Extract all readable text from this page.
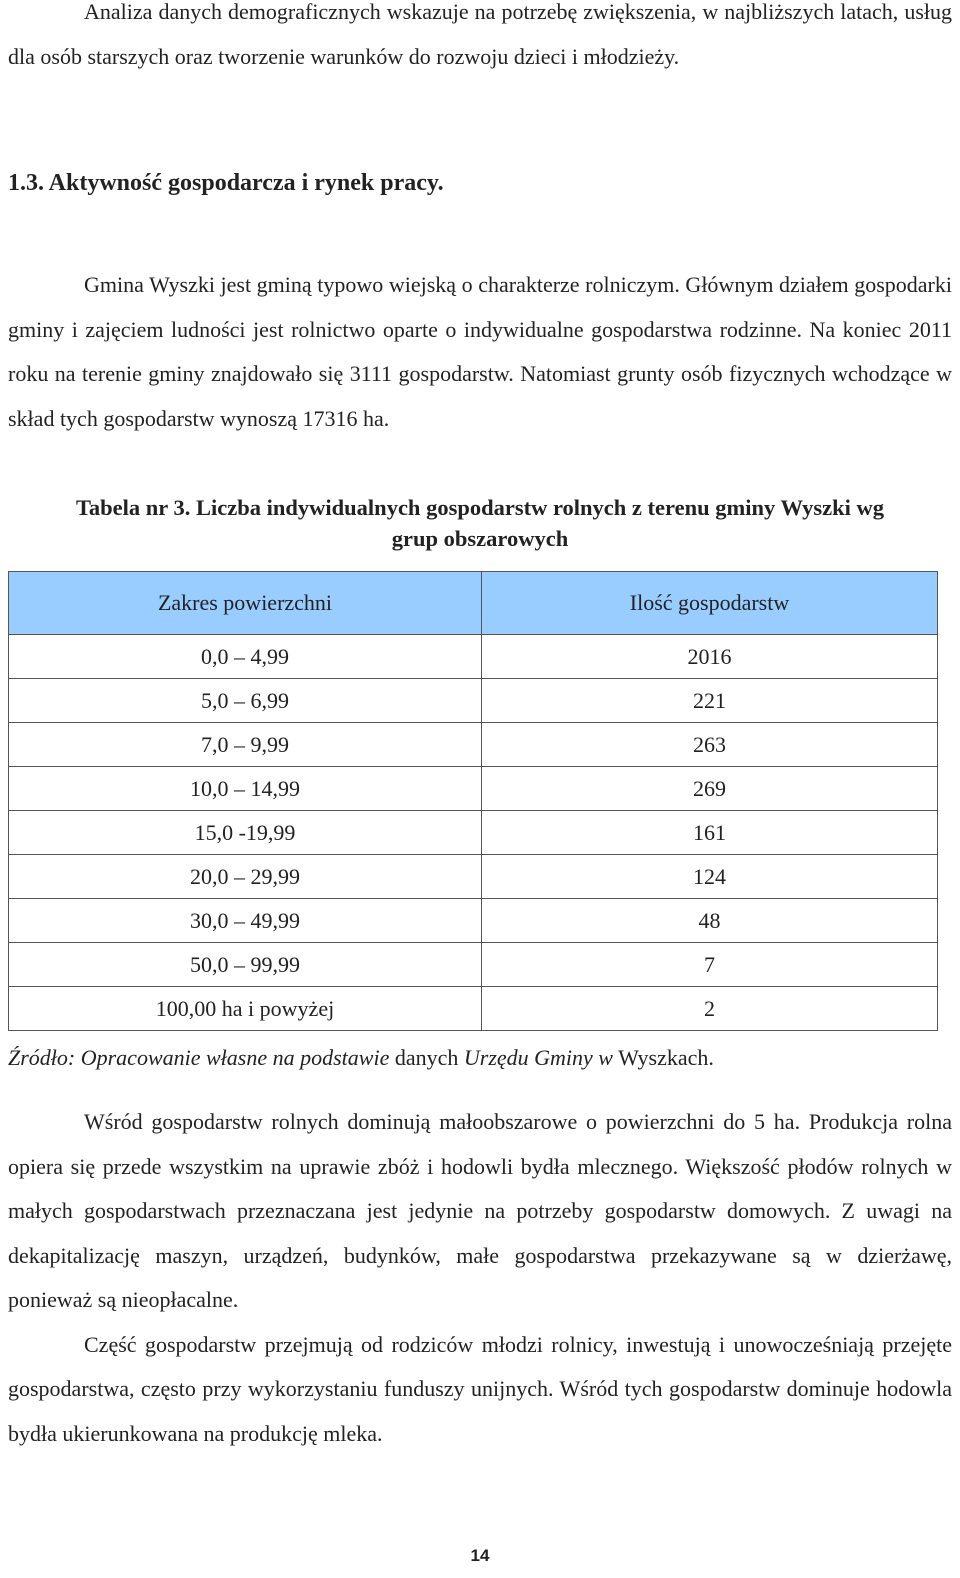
Analiza danych demograficznych wskazuje na potrzebę zwiększenia, w najbliższych latach, usług dla osób starszych oraz tworzenie warunków do rozwoju dzieci i młodzieży.

1.3. Aktywność gospodarcza i rynek pracy.

Gmina Wyszki jest gminą typowo wiejską o charakterze rolniczym. Głównym działem gospodarki gminy i zajęciem ludności jest rolnictwo oparte o indywidualne gospodarstwa rodzinne. Na koniec 2011 roku na terenie gminy znajdowało się 3111 gospodarstw. Natomiast grunty osób fizycznych wchodzące w skład tych gospodarstw wynoszą 17316 ha.

Tabela nr 3. Liczba indywidualnych gospodarstw rolnych z terenu gminy Wyszki wg
grup obszarowych

Zakres powierzchni	Ilość gospodarstw
0,0 – 4,99	2016
5,0 – 6,99	221
7,0 – 9,99	263
10,0 – 14,99	269
15,0 -19,99	161
20,0 – 29,99	124
30,0 – 49,99	48
50,0 – 99,99	7
100,00 ha i powyżej	2

Źródło: Opracowanie własne na podstawie danych Urzędu Gminy w Wyszkach.

Wśród gospodarstw rolnych dominują małoobszarowe o powierzchni do 5 ha. Produkcja rolna opiera się przede wszystkim na uprawie zbóż i hodowli bydła mlecznego. Większość płodów rolnych w małych gospodarstwach przeznaczana jest jedynie na potrzeby gospodarstw domowych. Z uwagi na dekapitalizację maszyn, urządzeń, budynków, małe gospodarstwa przekazywane są w dzierżawę, ponieważ są nieopłacalne.

Część gospodarstw przejmują od rodziców młodzi rolnicy, inwestują i unowocześniają przejęte gospodarstwa, często przy wykorzystaniu funduszy unijnych. Wśród tych gospodarstw dominuje hodowla bydła ukierunkowana na produkcję mleka.

14
